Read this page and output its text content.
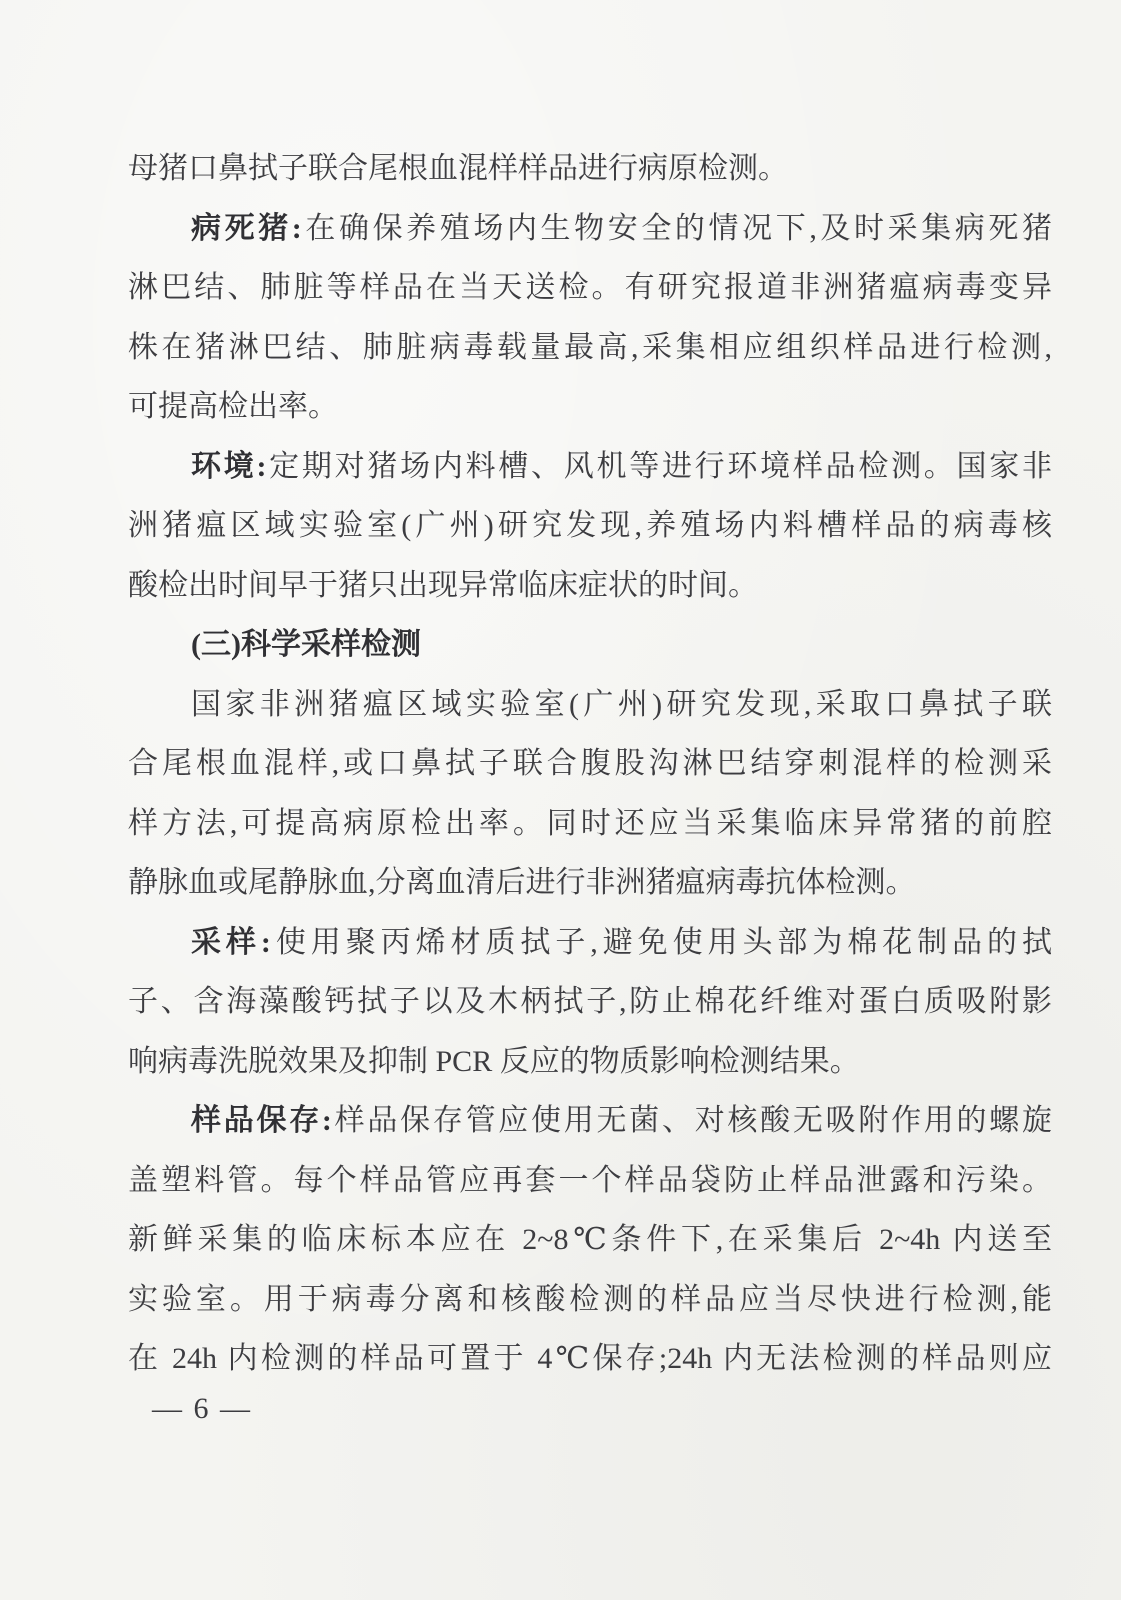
母猪口鼻拭子联合尾根血混样样品进行病原检测。
病死猪:在确保养殖场内生物安全的情况下,及时采集病死猪
淋巴结、肺脏等样品在当天送检。有研究报道非洲猪瘟病毒变异
株在猪淋巴结、肺脏病毒载量最高,采集相应组织样品进行检测,
可提高检出率。
环境:定期对猪场内料槽、风机等进行环境样品检测。国家非
洲猪瘟区域实验室(广州)研究发现,养殖场内料槽样品的病毒核
酸检出时间早于猪只出现异常临床症状的时间。
(三)科学采样检测
国家非洲猪瘟区域实验室(广州)研究发现,采取口鼻拭子联
合尾根血混样,或口鼻拭子联合腹股沟淋巴结穿刺混样的检测采
样方法,可提高病原检出率。同时还应当采集临床异常猪的前腔
静脉血或尾静脉血,分离血清后进行非洲猪瘟病毒抗体检测。
采样:使用聚丙烯材质拭子,避免使用头部为棉花制品的拭
子、含海藻酸钙拭子以及木柄拭子,防止棉花纤维对蛋白质吸附影
响病毒洗脱效果及抑制 PCR 反应的物质影响检测结果。
样品保存:样品保存管应使用无菌、对核酸无吸附作用的螺旋
盖塑料管。每个样品管应再套一个样品袋防止样品泄露和污染。
新鲜采集的临床标本应在 2~8℃条件下,在采集后 2~4h 内送至
实验室。用于病毒分离和核酸检测的样品应当尽快进行检测,能
在 24h 内检测的样品可置于 4℃保存;24h 内无法检测的样品则应
— 6 —
